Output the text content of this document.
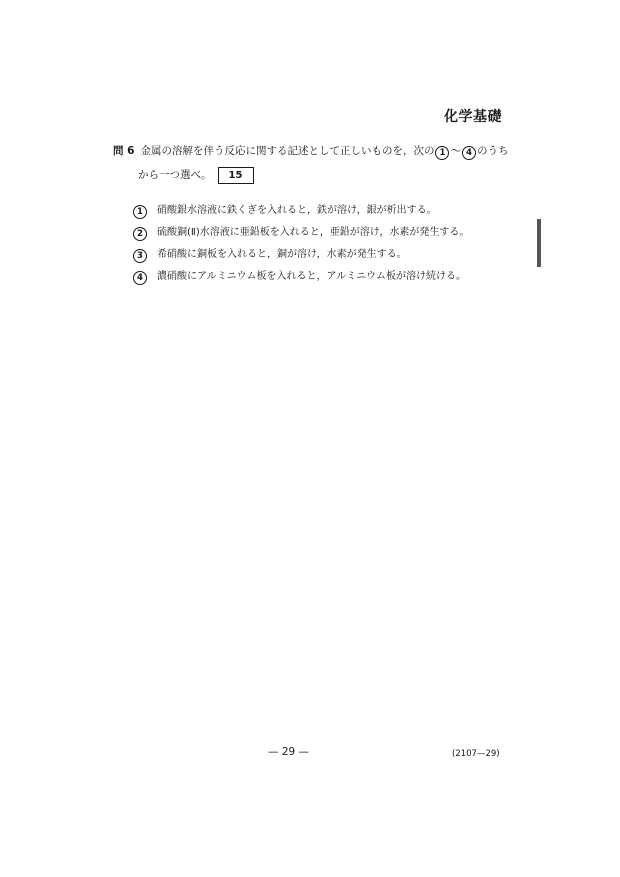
化学基礎
問 6 金属の溶解を伴う反応に関する記述として正しいものを，次の 1 〜 4 のうち
から一つ選べ。 15
1 硝酸銀水溶液に鉄くぎを入れると，鉄が溶け，銀が析出する。
2 硫酸銅(Ⅱ)水溶液に亜鉛板を入れると，亜鉛が溶け，水素が発生する。
3 希硝酸に銅板を入れると，銅が溶け，水素が発生する。
4 濃硝酸にアルミニウム板を入れると，アルミニウム板が溶け続ける。
— 29 —	(2107—29)
